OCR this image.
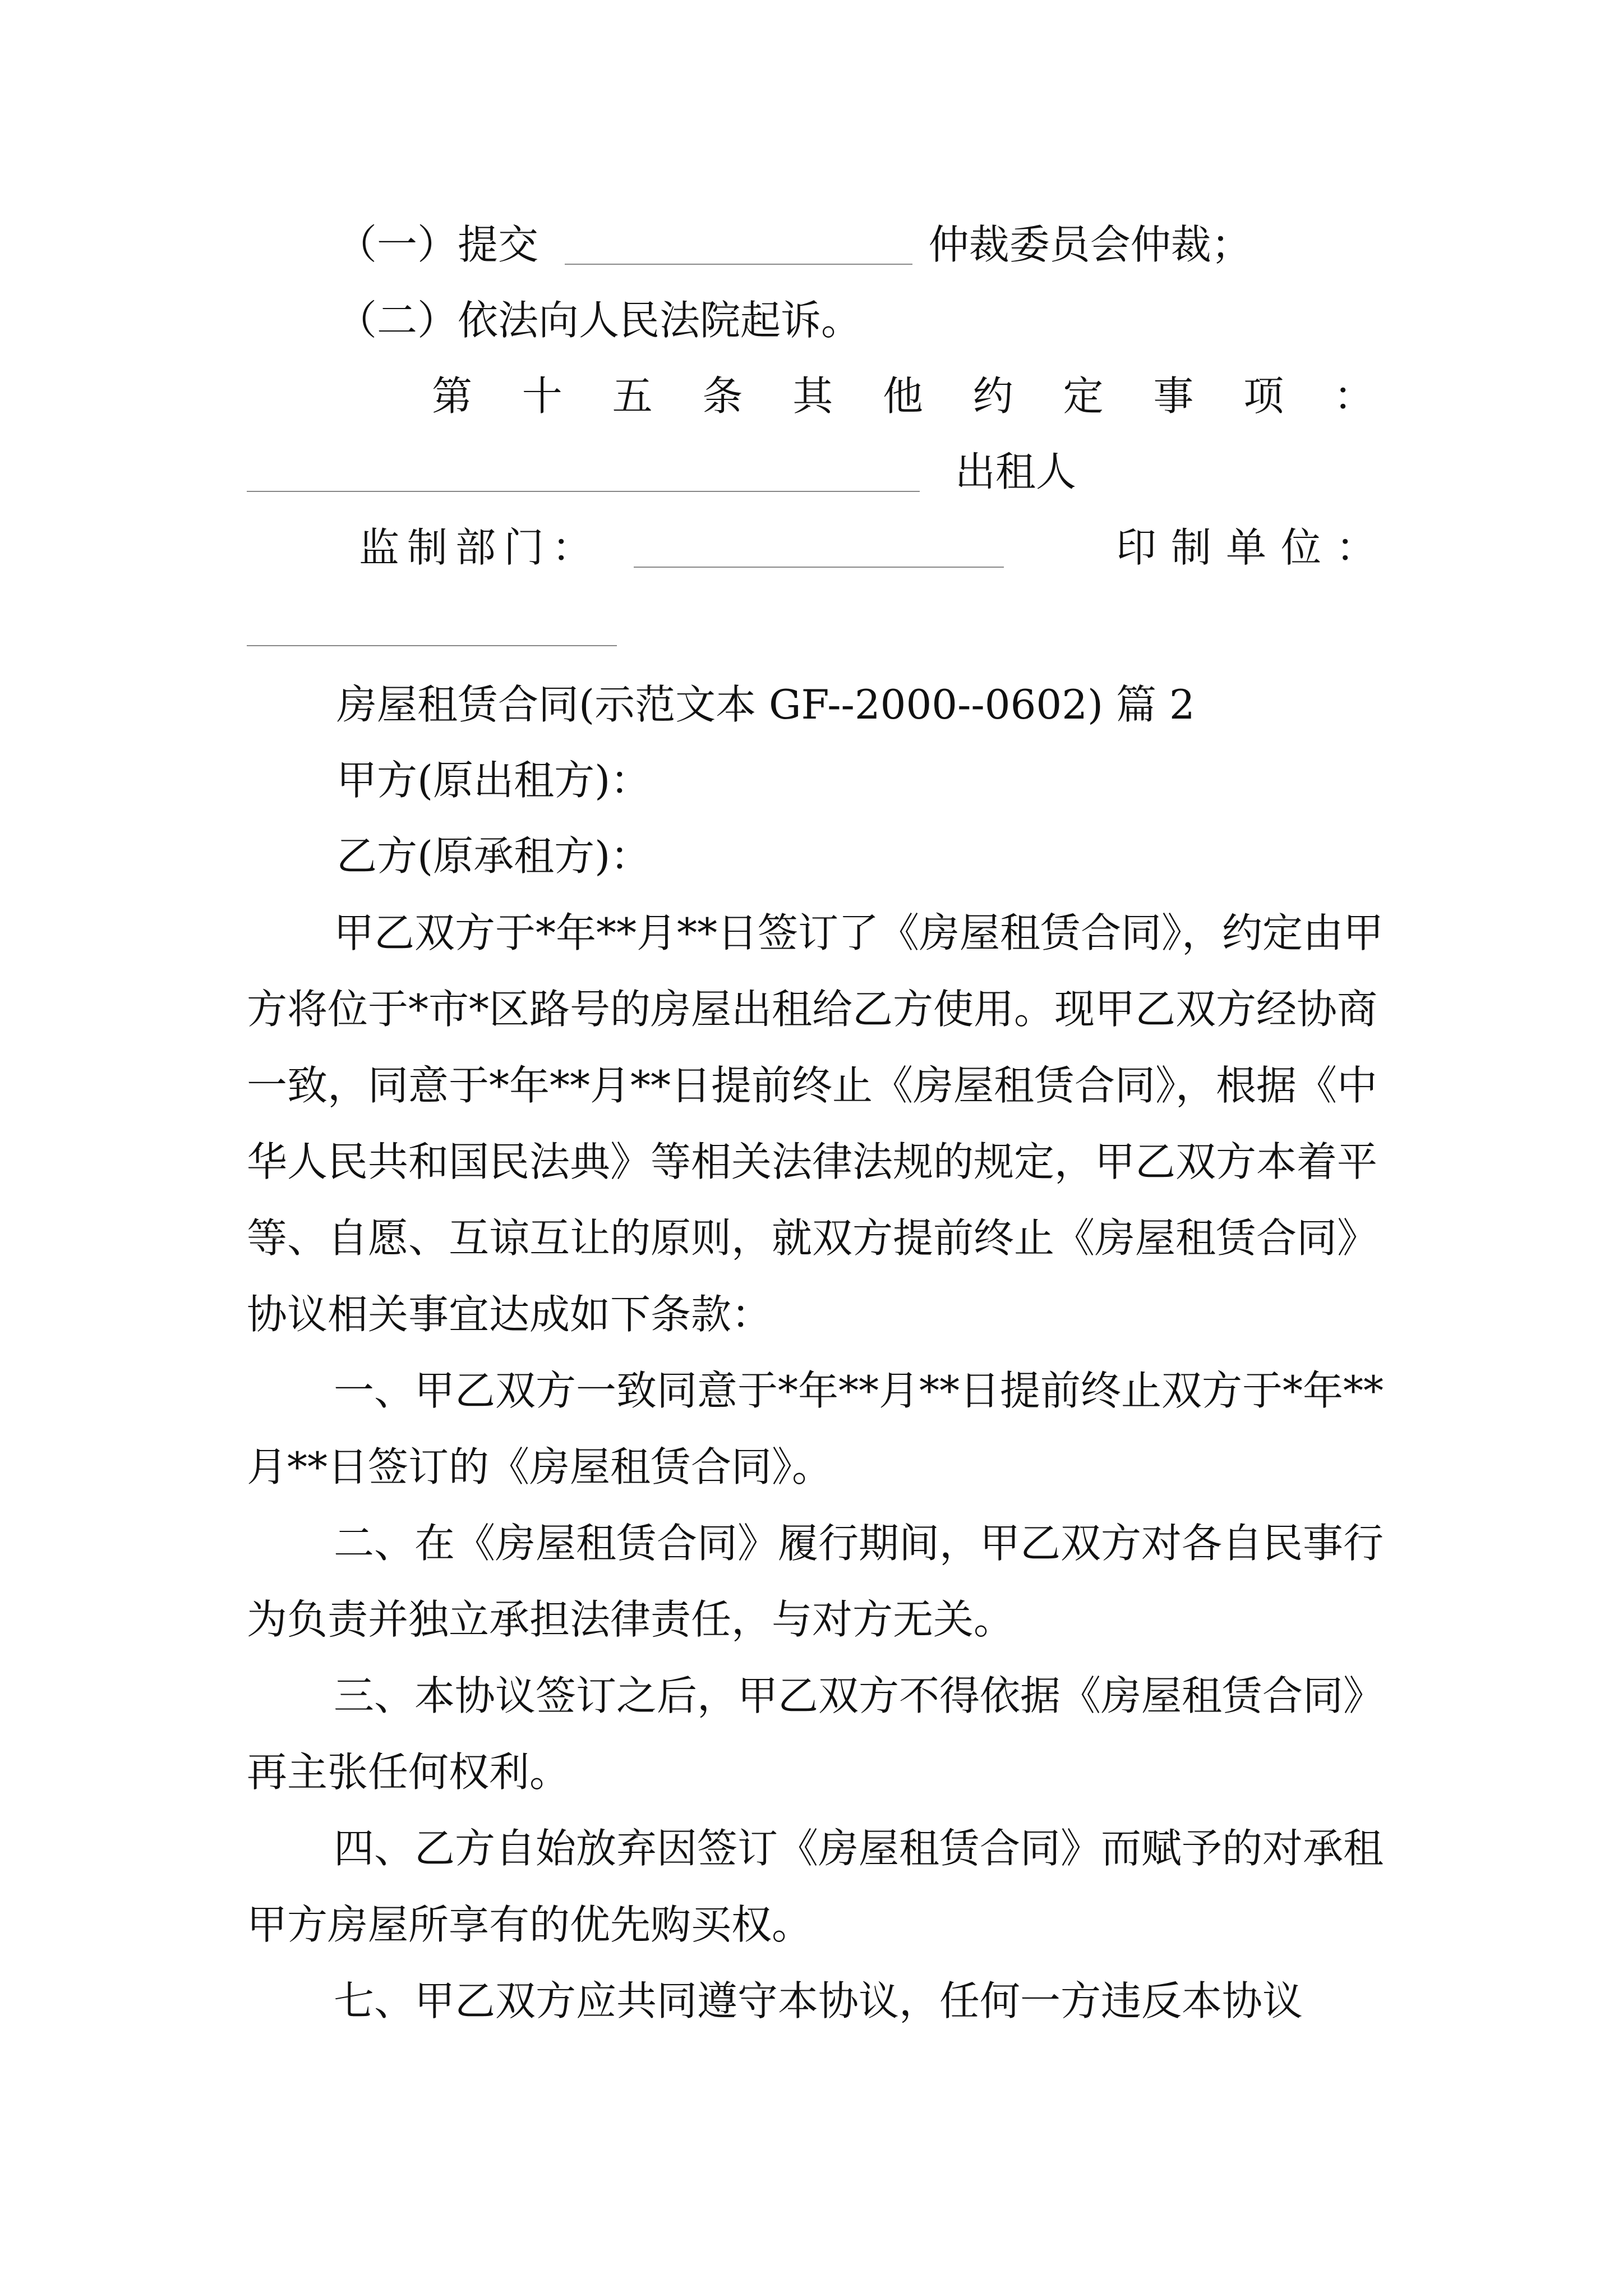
（一）提交	仲裁委员会仲裁；
（二）依法向人民法院起诉。
第 十 五 条 其 他 约 定 事 项 ：
出租人
监制部门：	印制单位：
房屋租赁合同(示范文本 GF--2000--0602) 篇 2
甲方(原出租方)：
乙方(原承租方)：

甲乙双方于*年**月**日签订了《房屋租赁合同》，约定由甲方将位于*市*区路号的房屋出租给乙方使用。现甲乙双方经协商一致，同意于*年**月**日提前终止《房屋租赁合同》，根据《中华人民共和国民法典》等相关法律法规的规定，甲乙双方本着平等、自愿、互谅互让的原则，就双方提前终止《房屋租赁合同》协议相关事宜达成如下条款：

一、甲乙双方一致同意于*年**月**日提前终止双方于*年**月**日签订的《房屋租赁合同》。

二、在《房屋租赁合同》履行期间，甲乙双方对各自民事行为负责并独立承担法律责任，与对方无关。

三、本协议签订之后，甲乙双方不得依据《房屋租赁合同》再主张任何权利。

四、乙方自始放弃因签订《房屋租赁合同》而赋予的对承租甲方房屋所享有的优先购买权。

七、甲乙双方应共同遵守本协议，任何一方违反本协议
